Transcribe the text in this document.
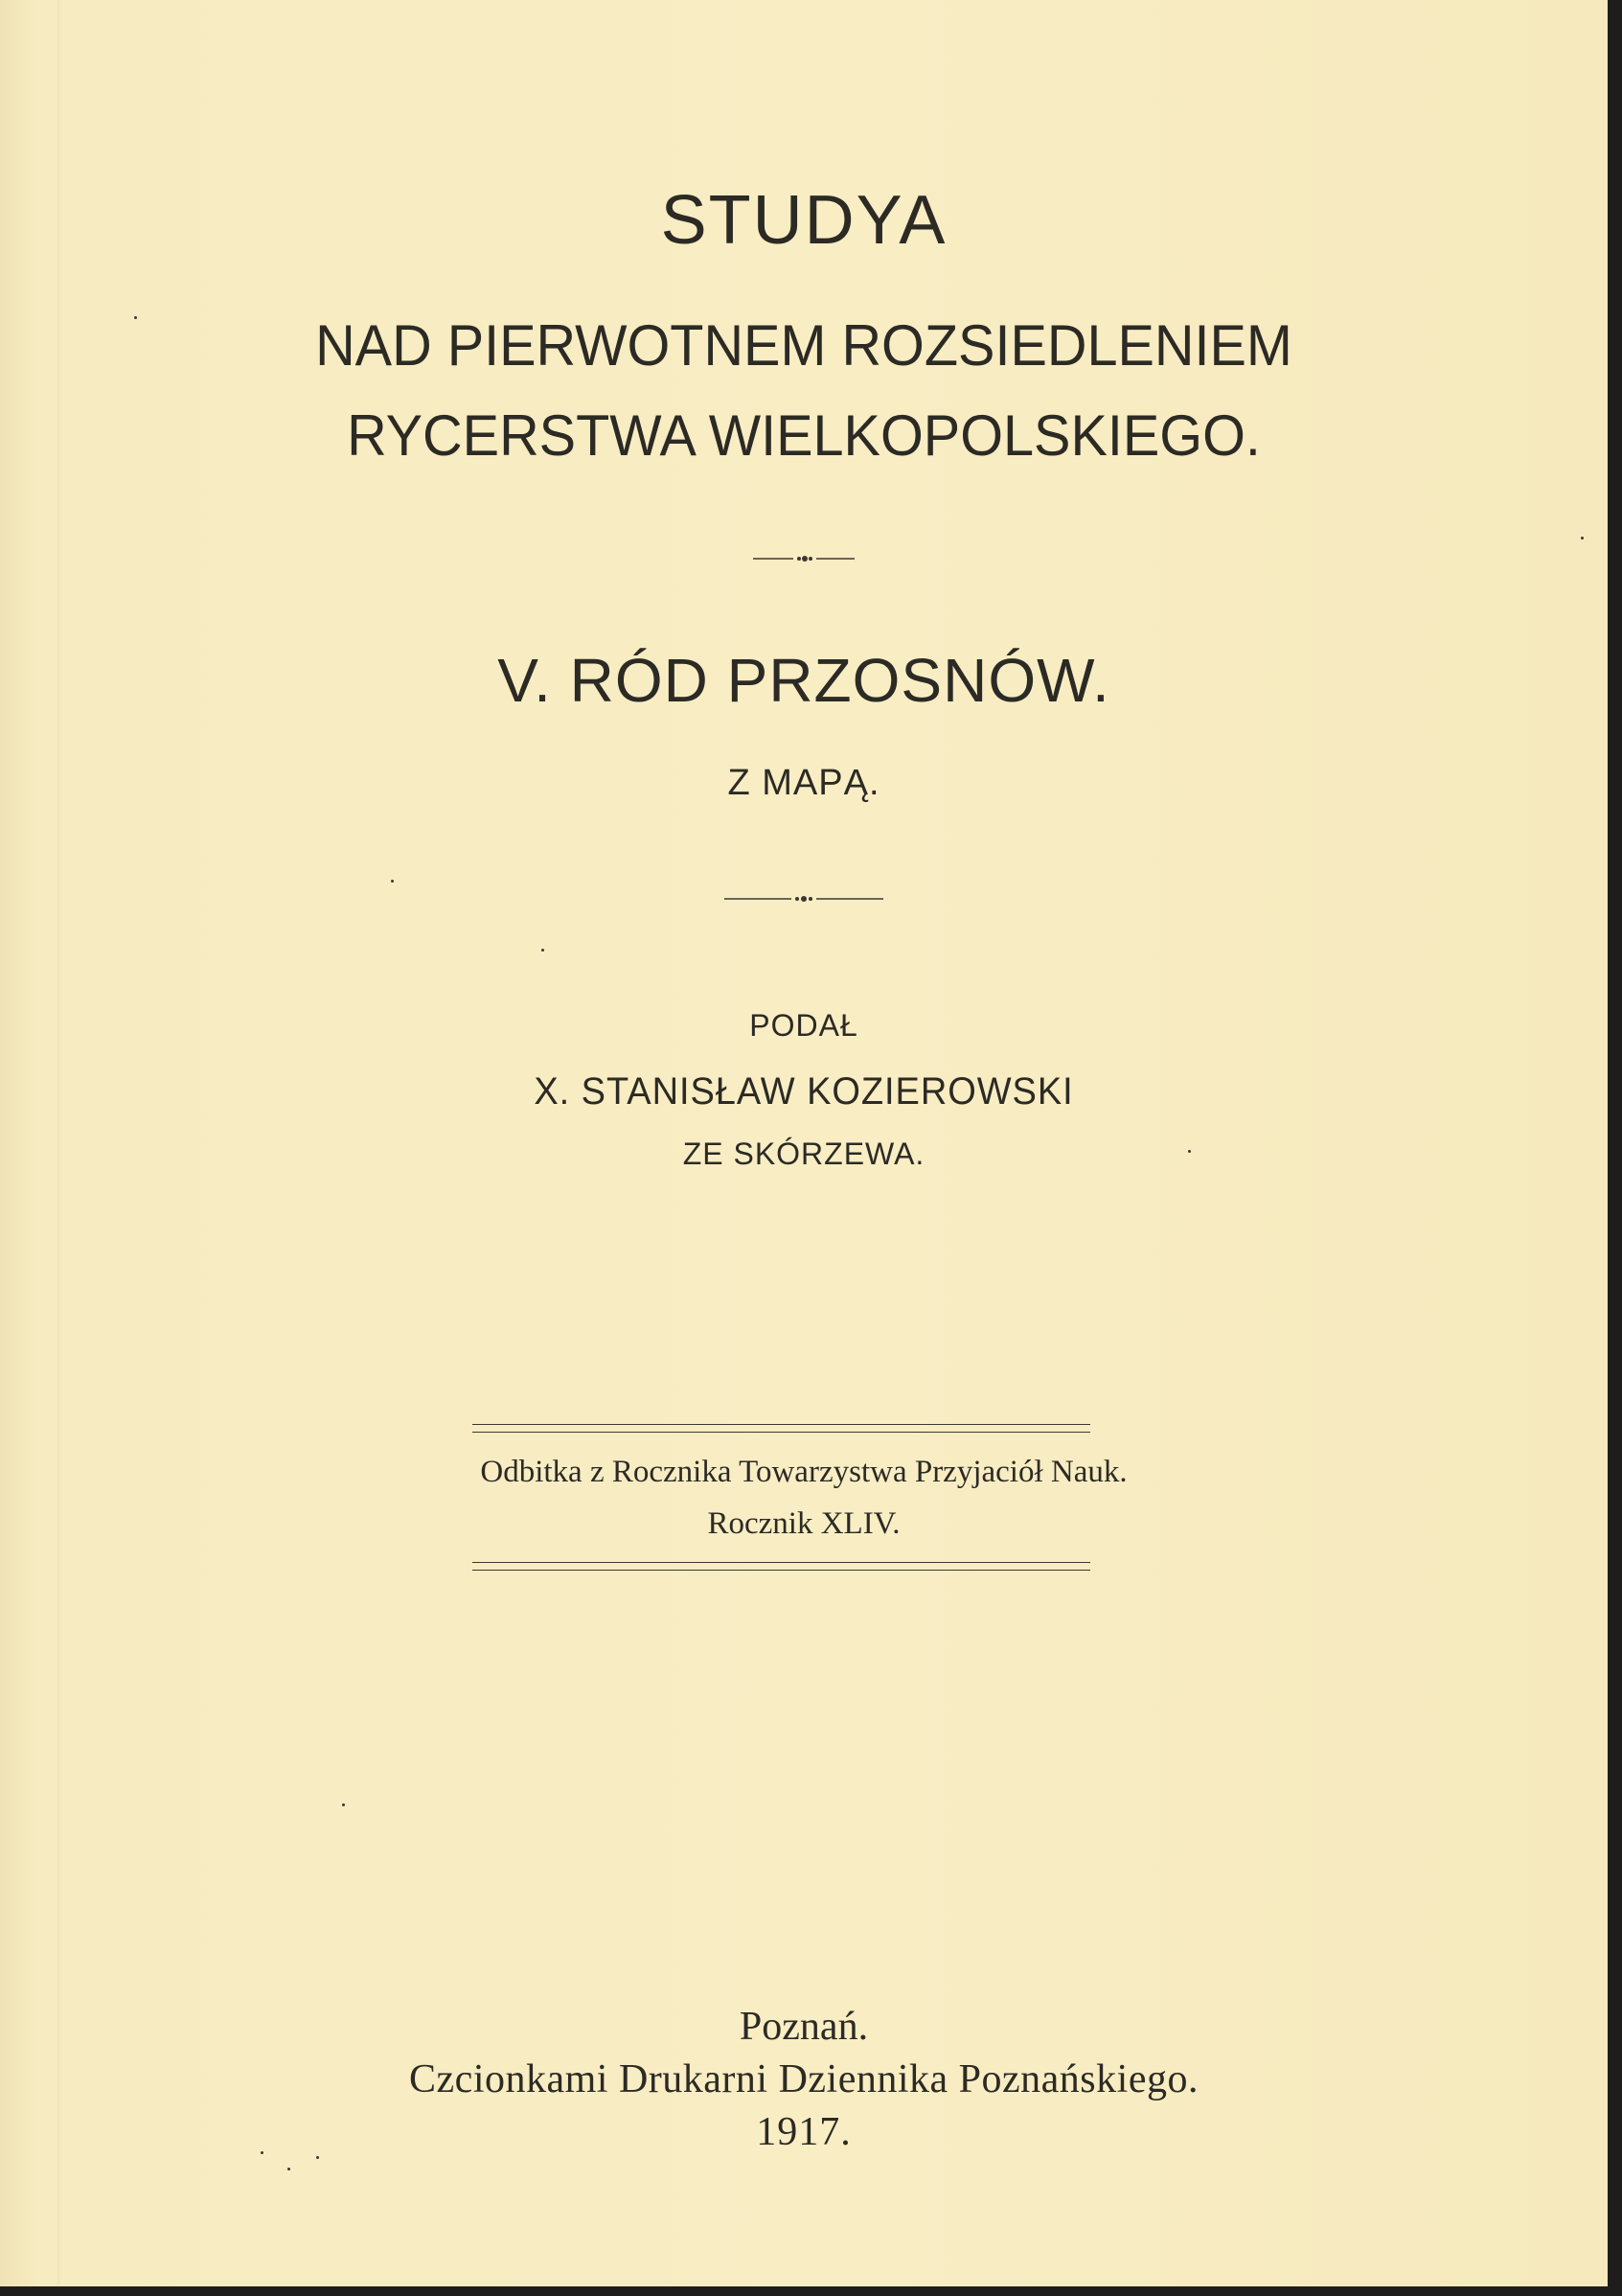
STUDYA
NAD PIERWOTNEM ROZSIEDLENIEM
RYCERSTWA WIELKOPOLSKIEGO.
V. RÓD PRZOSNÓW.
Z MAPĄ.
PODAŁ
X. STANISŁAW KOZIEROWSKI
ZE SKÓRZEWA.
Odbitka z Rocznika Towarzystwa Przyjaciół Nauk.
Rocznik XLIV.
Poznań.
Czcionkami Drukarni Dziennika Poznańskiego.
1917.
